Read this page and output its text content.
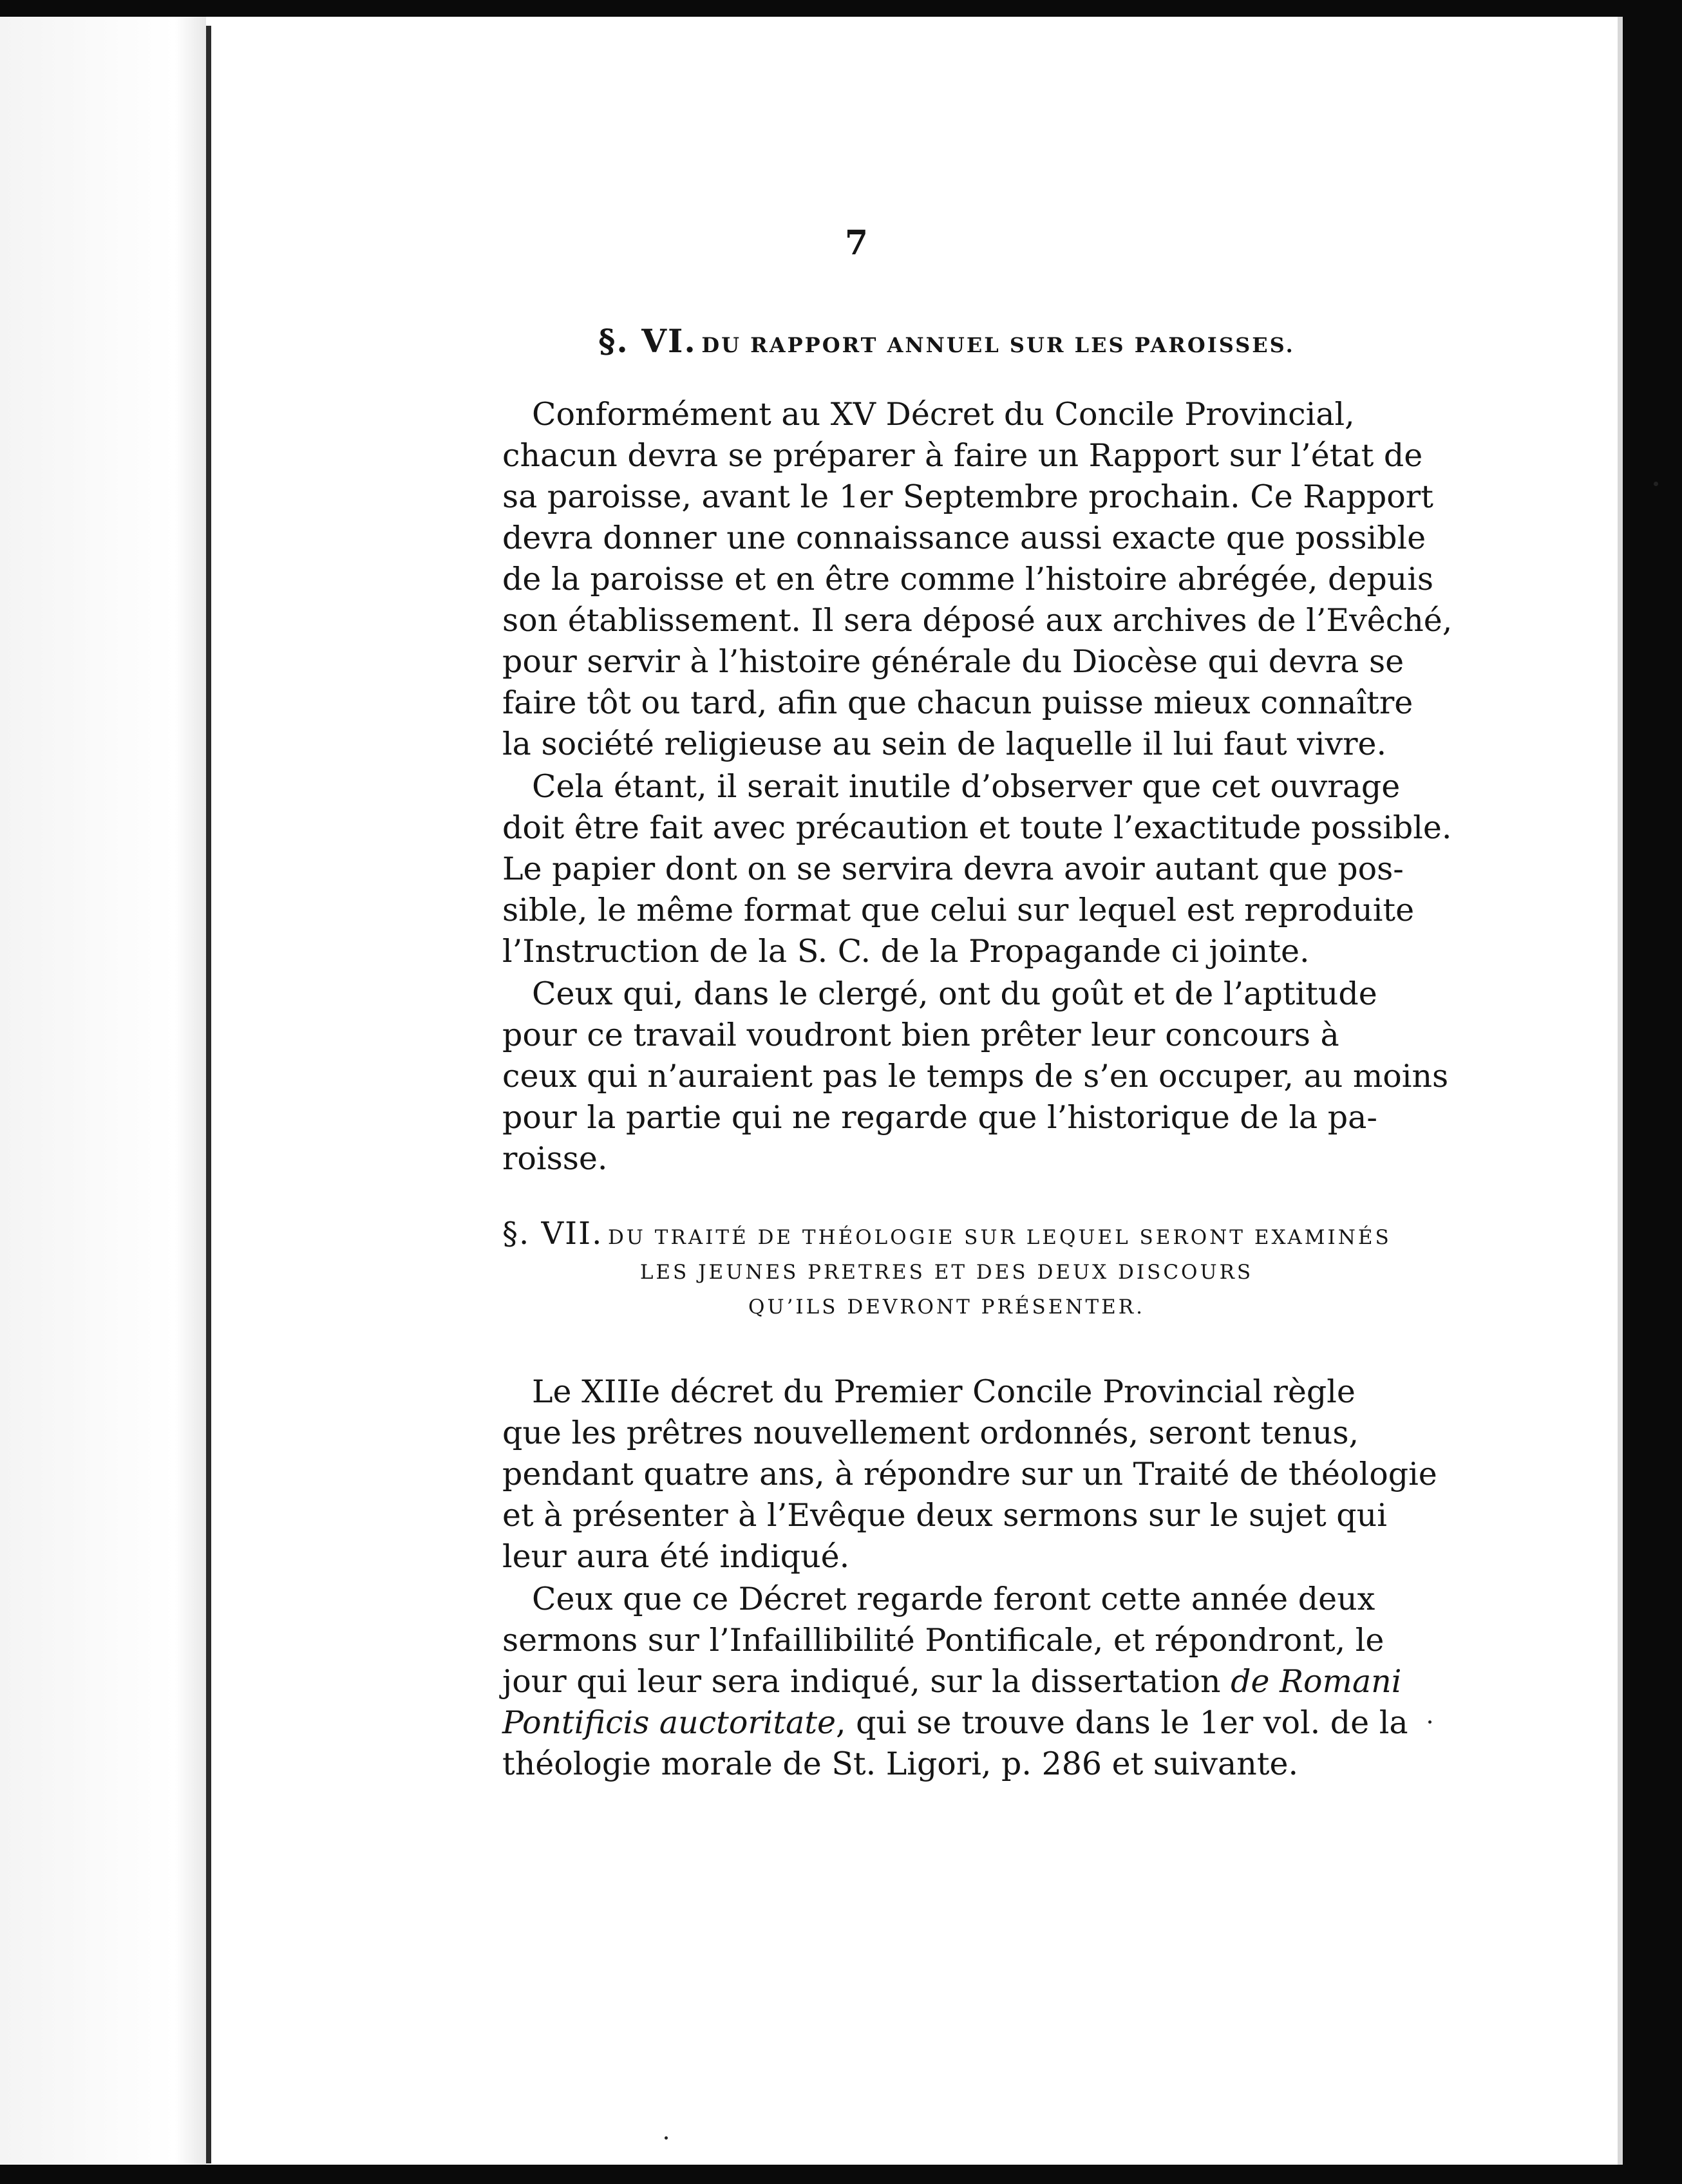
7
§. VI. DU RAPPORT ANNUEL SUR LES PAROISSES.
Conformément au XV Décret du Concile Provincial,
chacun devra se préparer à faire un Rapport sur l’état de
sa paroisse, avant le 1er Septembre prochain. Ce Rapport
devra donner une connaissance aussi exacte que possible
de la paroisse et en être comme l’histoire abrégée, depuis
son établissement. Il sera déposé aux archives de l’Evêché,
pour servir à l’histoire générale du Diocèse qui devra se
faire tôt ou tard, afin que chacun puisse mieux connaître
la société religieuse au sein de laquelle il lui faut vivre.
Cela étant, il serait inutile d’observer que cet ouvrage
doit être fait avec précaution et toute l’exactitude possible.
Le papier dont on se servira devra avoir autant que pos-
sible, le même format que celui sur lequel est reproduite
l’Instruction de la S. C. de la Propagande ci jointe.
Ceux qui, dans le clergé, ont du goût et de l’aptitude
pour ce travail voudront bien prêter leur concours à
ceux qui n’auraient pas le temps de s’en occuper, au moins
pour la partie qui ne regarde que l’historique de la pa-
roisse.
§. VII. DU TRAITÉ DE THÉOLOGIE SUR LEQUEL SERONT EXAMINÉS
LES JEUNES PRETRES ET DES DEUX DISCOURS
QU’ILS DEVRONT PRÉSENTER.
Le XIIIe décret du Premier Concile Provincial règle
que les prêtres nouvellement ordonnés, seront tenus,
pendant quatre ans, à répondre sur un Traité de théologie
et à présenter à l’Evêque deux sermons sur le sujet qui
leur aura été indiqué.
Ceux que ce Décret regarde feront cette année deux
sermons sur l’Infaillibilité Pontificale, et répondront, le
jour qui leur sera indiqué, sur la dissertation de Romani
Pontificis auctoritate, qui se trouve dans le 1er vol. de la
théologie morale de St. Ligori, p. 286 et suivante.
